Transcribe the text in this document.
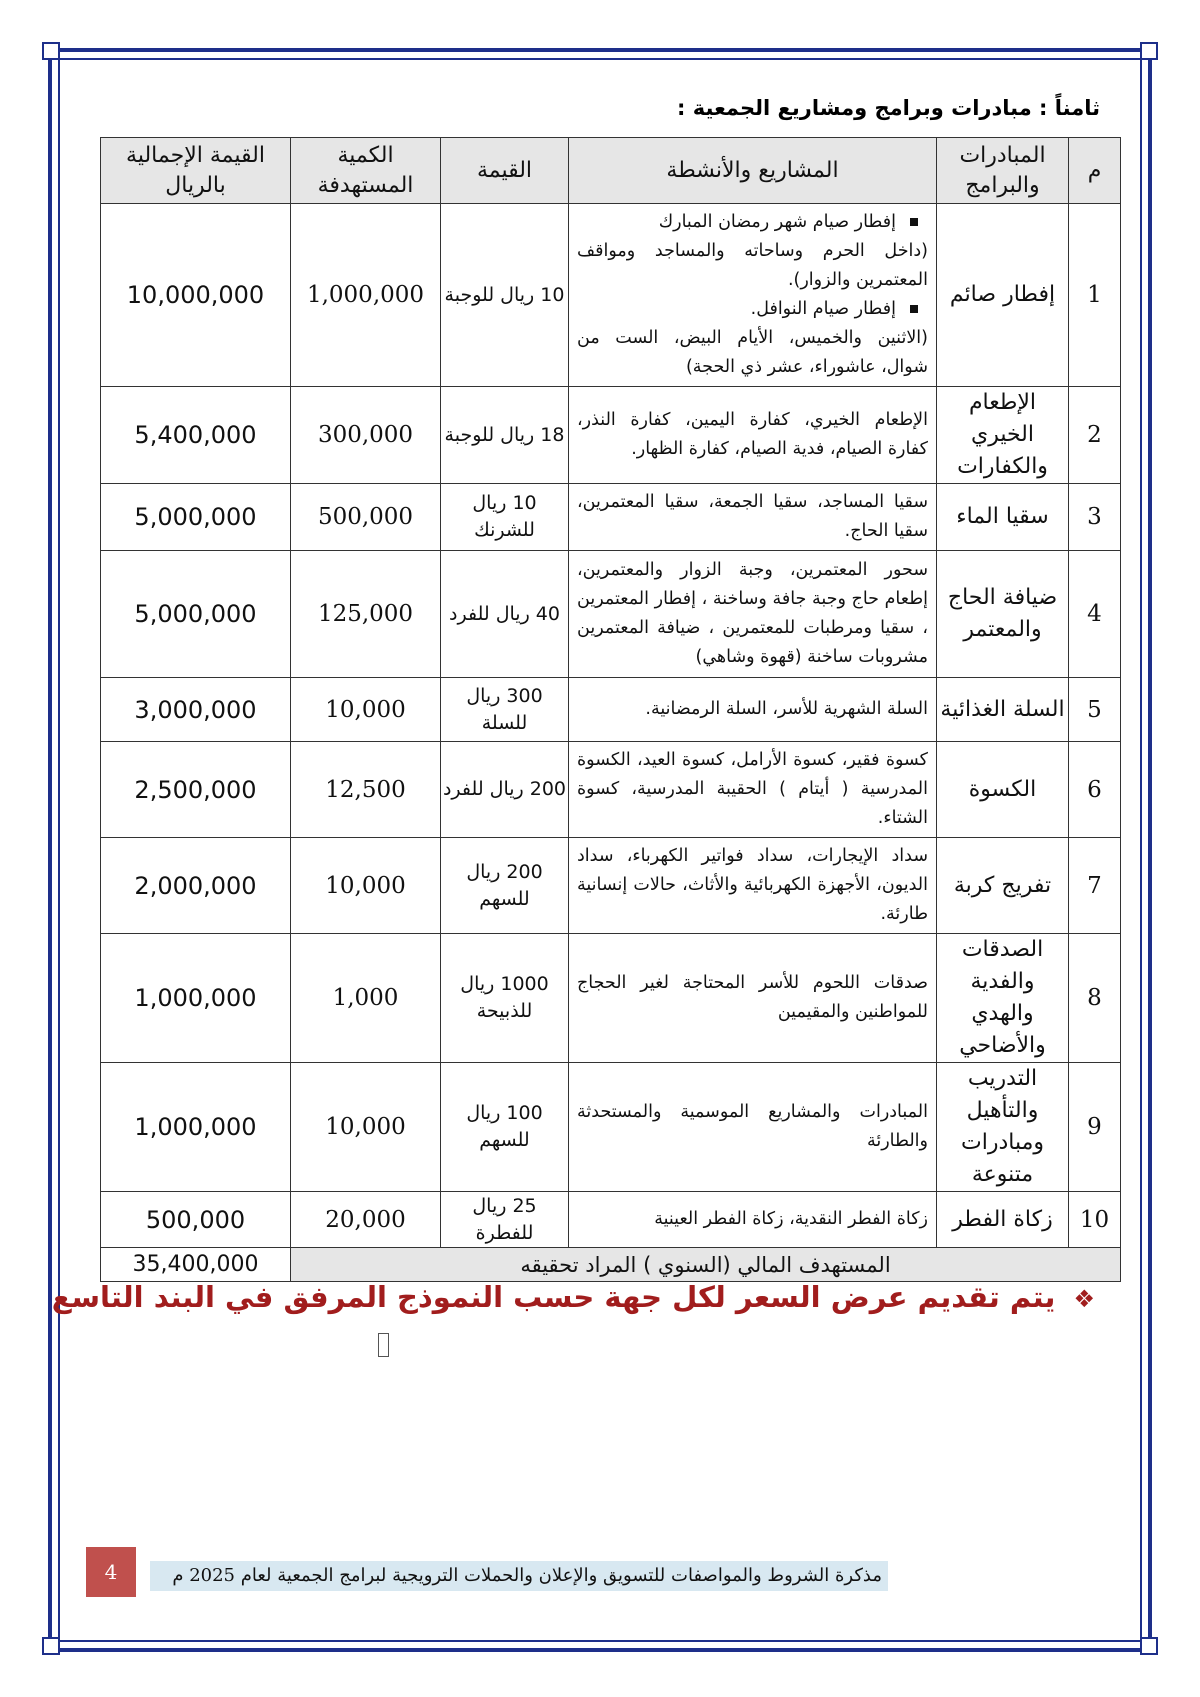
ثامناً : مبادرات وبرامج ومشاريع الجمعية :
م	المبادرات والبرامج	المشاريع والأنشطة	القيمة	الكمية المستهدفة	القيمة الإجمالية بالريال
1	إفطار صائم	إفطار صيام شهر رمضان المبارك
(داخل الحرم وساحاته والمساجد ومواقف المعتمرين والزوار).
إفطار صيام النوافل.
(الاثنين والخميس، الأيام البيض، الست من شوال، عاشوراء، عشر ذي الحجة)	10 ريال للوجبة	1,000,000	10,000,000
2	الإطعام الخيري والكفارات	الإطعام الخيري، كفارة اليمين، كفارة النذر، كفارة الصيام، فدية الصيام، كفارة الظهار.	18 ريال للوجبة	300,000	5,400,000
3	سقيا الماء	سقيا المساجد، سقيا الجمعة، سقيا المعتمرين، سقيا الحاج.	10 ريال للشرنك	500,000	5,000,000
4	ضيافة الحاج والمعتمر	سحور المعتمرين، وجبة الزوار والمعتمرين، إطعام حاج وجبة جافة وساخنة ، إفطار المعتمرين ، سقيا ومرطبات للمعتمرين ، ضيافة المعتمرين مشروبات ساخنة (قهوة وشاهي)	40 ريال للفرد	125,000	5,000,000
5	السلة الغذائية	السلة الشهرية للأسر، السلة الرمضانية.	300 ريال للسلة	10,000	3,000,000
6	الكسوة	كسوة فقير، كسوة الأرامل، كسوة العيد، الكسوة المدرسية ( أيتام ) الحقيبة المدرسية، كسوة الشتاء.	200 ريال للفرد	12,500	2,500,000
7	تفريج كربة	سداد الإيجارات، سداد فواتير الكهرباء، سداد الديون، الأجهزة الكهربائية والأثاث، حالات إنسانية طارئة.	200 ريال للسهم	10,000	2,000,000
8	الصدقات والفدية والهدي والأضاحي	صدقات اللحوم للأسر المحتاجة لغير الحجاج للمواطنين والمقيمين	1000 ريال للذبيحة	1,000	1,000,000
9	التدريب والتأهيل ومبادرات متنوعة	المبادرات والمشاريع الموسمية والمستحدثة والطارئة	100 ريال للسهم	10,000	1,000,000
10	زكاة الفطر	زكاة الفطر النقدية، زكاة الفطر العينية	25 ريال للفطرة	20,000	500,000
المستهدف المالي (السنوي ) المراد تحقيقه					35,400,000
❖ يتم تقديم عرض السعر لكل جهة حسب النموذج المرفق في البند التاسع
مذكرة الشروط والمواصفات للتسويق والإعلان والحملات الترويجية لبرامج الجمعية لعام 2025 م
4
